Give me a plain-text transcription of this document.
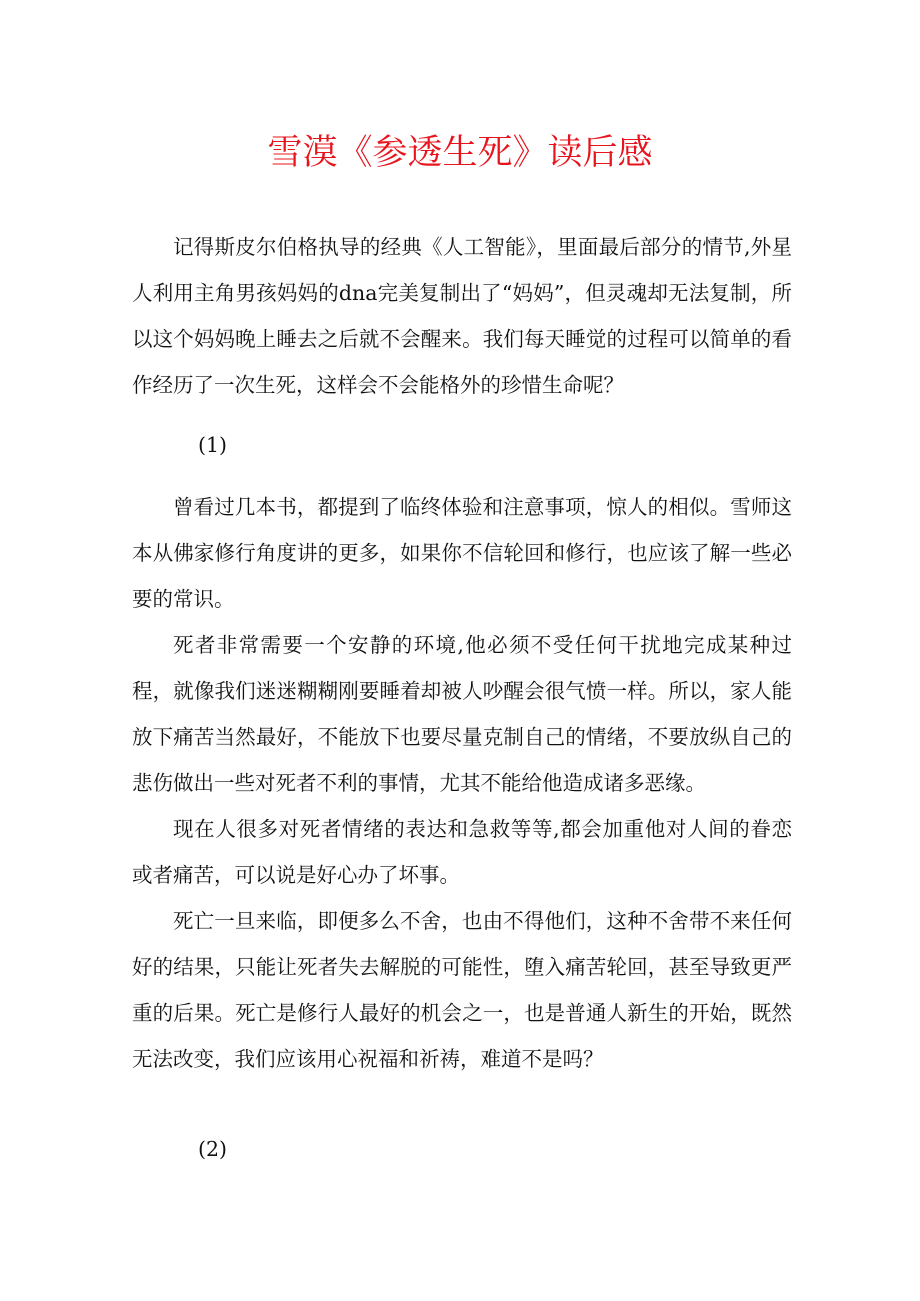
雪漠《参透生死》读后感

记得斯皮尔伯格执导的经典《人工智能》，里面最后部分的情节,外星人利用主角男孩妈妈的dna完美复制出了“妈妈”，但灵魂却无法复制，所以这个妈妈晚上睡去之后就不会醒来。我们每天睡觉的过程可以简单的看作经历了一次生死，这样会不会能格外的珍惜生命呢？

(1)

曾看过几本书，都提到了临终体验和注意事项，惊人的相似。雪师这本从佛家修行角度讲的更多，如果你不信轮回和修行，也应该了解一些必要的常识。

死者非常需要一个安静的环境,他必须不受任何干扰地完成某种过程，就像我们迷迷糊糊刚要睡着却被人吵醒会很气愤一样。所以，家人能放下痛苦当然最好，不能放下也要尽量克制自己的情绪，不要放纵自己的悲伤做出一些对死者不利的事情，尤其不能给他造成诸多恶缘。

现在人很多对死者情绪的表达和急救等等,都会加重他对人间的眷恋或者痛苦，可以说是好心办了坏事。

死亡一旦来临，即便多么不舍，也由不得他们，这种不舍带不来任何好的结果，只能让死者失去解脱的可能性，堕入痛苦轮回，甚至导致更严重的后果。死亡是修行人最好的机会之一，也是普通人新生的开始，既然无法改变，我们应该用心祝福和祈祷，难道不是吗？

(2)
